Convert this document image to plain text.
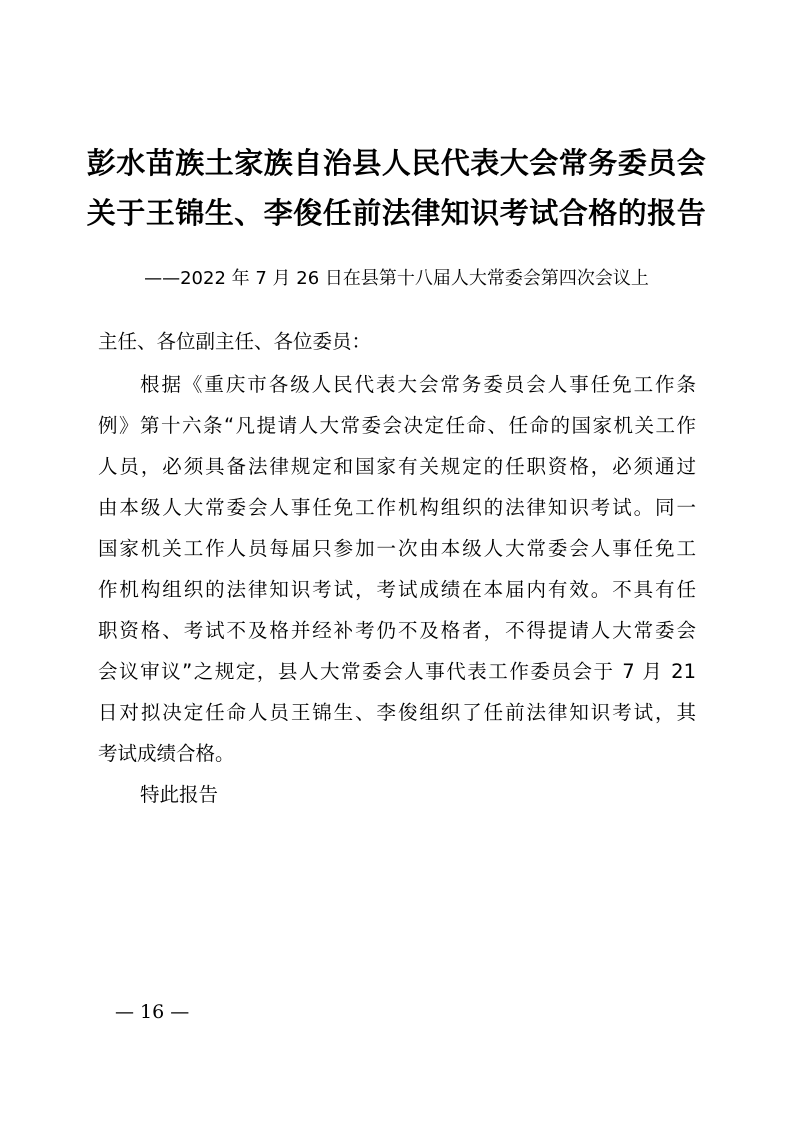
彭水苗族土家族自治县人民代表大会常务委员会
关于王锦生、李俊任前法律知识考试合格的报告
——2022 年 7 月 26 日在县第十八届人大常委会第四次会议上
主任、各位副主任、各位委员：
根据《重庆市各级人民代表大会常务委员会人事任免工作条
例》第十六条“凡提请人大常委会决定任命、任命的国家机关工作
人员，必须具备法律规定和国家有关规定的任职资格，必须通过
由本级人大常委会人事任免工作机构组织的法律知识考试。同一
国家机关工作人员每届只参加一次由本级人大常委会人事任免工
作机构组织的法律知识考试，考试成绩在本届内有效。不具有任
职资格、考试不及格并经补考仍不及格者，不得提请人大常委会
会议审议”之规定，县人大常委会人事代表工作委员会于 7 月 21
日对拟决定任命人员王锦生、李俊组织了任前法律知识考试，其
考试成绩合格。
特此报告
— 16 —
